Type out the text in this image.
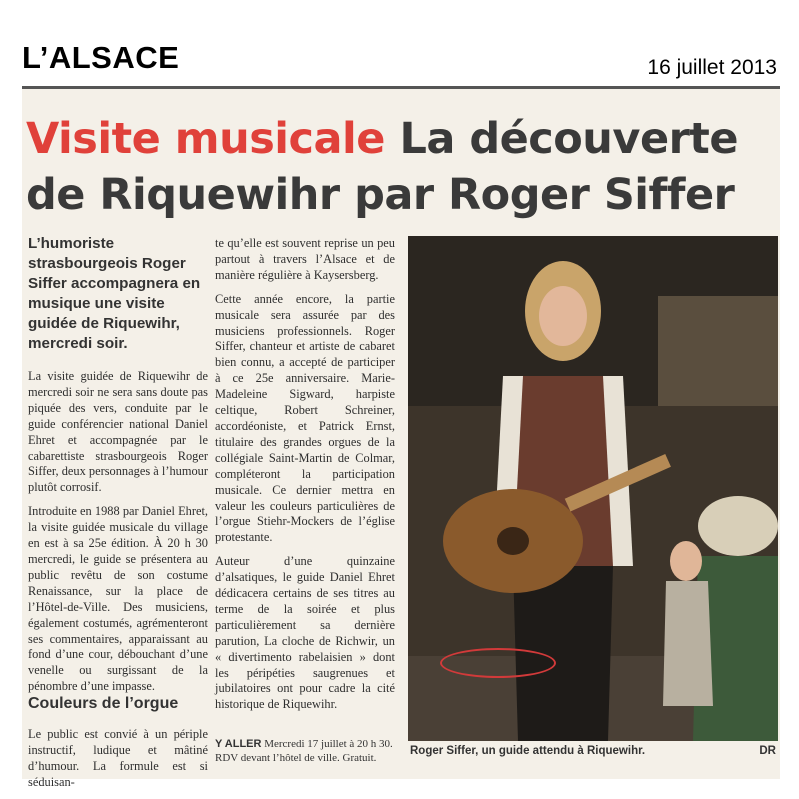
L’ALSACE	16 juillet 2013
Visite musicale La découverte de Riquewihr par Roger Siffer
L’humoriste strasbourgeois Roger Siffer accompagnera en musique une visite guidée de Riquewihr, mercredi soir.

La visite guidée de Riquewihr de mercredi soir ne sera sans doute pas piquée des vers, conduite par le guide conférencier national Daniel Ehret et accompagnée par le cabarettiste strasbourgeois Roger Siffer, deux personnages à l’humour plutôt corrosif.

Introduite en 1988 par Daniel Ehret, la visite guidée musicale du village en est à sa 25e édition. À 20 h 30 mercredi, le guide se présentera au public revêtu de son costume Renaissance, sur la place de l’Hôtel-de-Ville. Des musiciens, également costumés, agrémenteront ses commentaires, apparaissant au fond d’une cour, débouchant d’une venelle ou surgissant de la pénombre d’une impasse.

Couleurs de l’orgue

Le public est convié à un périple instructif, ludique et mâtiné d’humour. La formule est si séduisan-

te qu’elle est souvent reprise un peu partout à travers l’Alsace et de manière régulière à Kaysersberg.

Cette année encore, la partie musicale sera assurée par des musiciens professionnels. Roger Siffer, chanteur et artiste de cabaret bien connu, a accepté de participer à ce 25e anniversaire. Marie-Madeleine Sigward, harpiste celtique, Robert Schreiner, accordéoniste, et Patrick Ernst, titulaire des grandes orgues de la collégiale Saint-Martin de Colmar, compléteront la participation musicale. Ce dernier mettra en valeur les couleurs particulières de l’orgue Stiehr-Mockers de l’église protestante.

Auteur d’une quinzaine d’alsatiques, le guide Daniel Ehret dédicacera certains de ses titres au terme de la soirée et plus particulièrement sa dernière parution, La cloche de Richwir, un « divertimento rabelaisien » dont les péripéties saugrenues et jubilatoires ont pour cadre la cité historique de Riquewihr.

Y ALLER Mercredi 17 juillet à 20 h 30. RDV devant l’hôtel de ville. Gratuit.
Roger Siffer, un guide attendu à Riquewihr.	DR
